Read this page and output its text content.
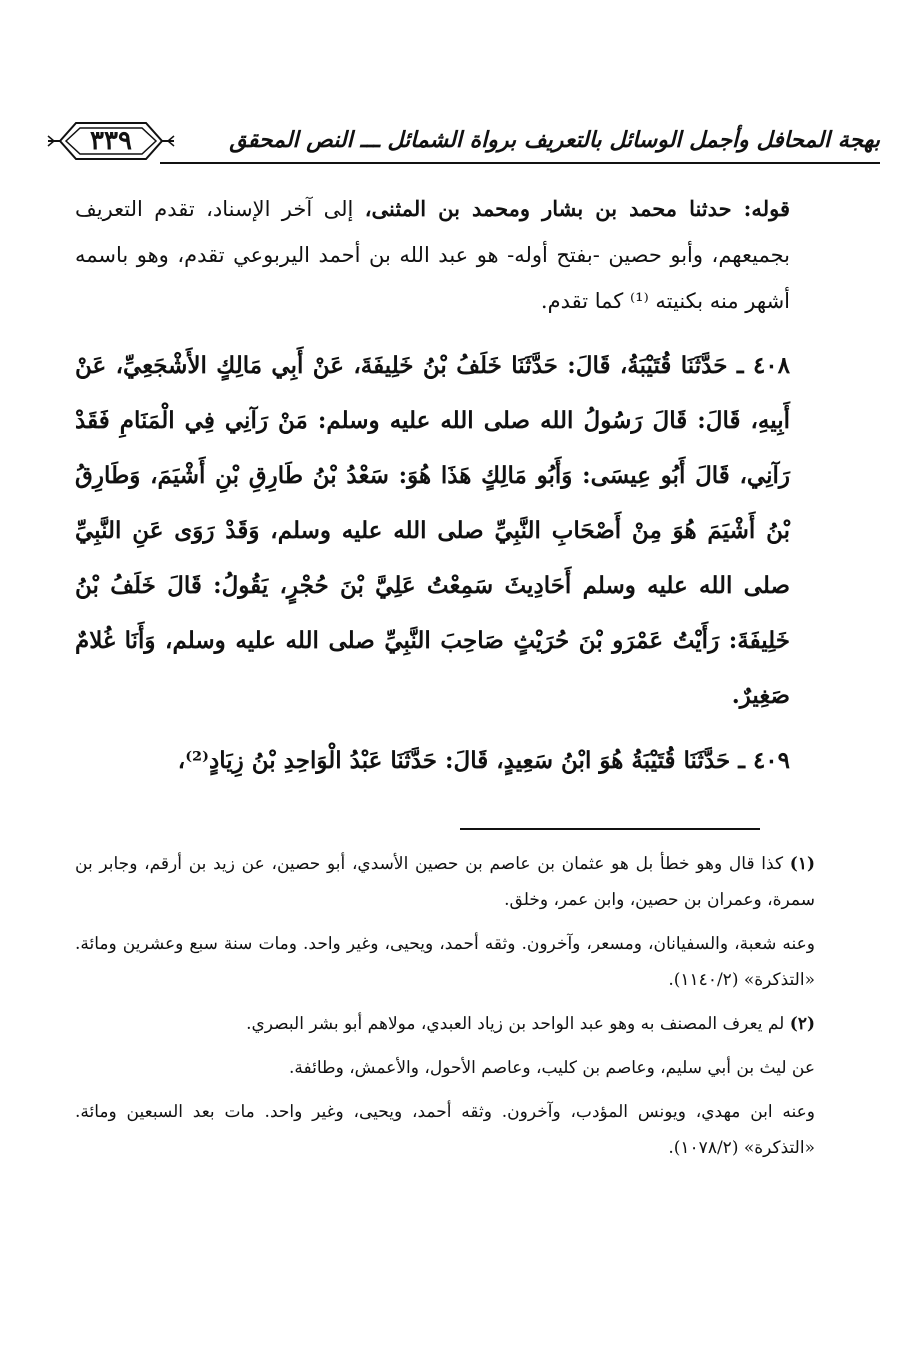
بهجة المحافل وأجمل الوسائل بالتعريف برواة الشمائل ـــ النص المحقق
٣٣٩

قوله: حدثنا محمد بن بشار ومحمد بن المثنى، إلى آخر الإسناد، تقدم التعريف بجميعهم، وأبو حصين -بفتح أوله- هو عبد الله بن أحمد اليربوعي تقدم، وهو باسمه أشهر منه بكنيته ⁽¹⁾ كما تقدم.

٤٠٨ ـ حَدَّثَنَا قُتَيْبَةُ، قَالَ: حَدَّثَنَا خَلَفُ بْنُ خَلِيفَةَ، عَنْ أَبِي مَالِكٍ الأَشْجَعِيِّ، عَنْ أَبِيهِ، قَالَ: قَالَ رَسُولُ الله صلى الله عليه وسلم: مَنْ رَآنِي فِي الْمَنَامِ فَقَدْ رَآنِي، قَالَ أَبُو عِيسَى: وَأَبُو مَالِكٍ هَذَا هُوَ: سَعْدُ بْنُ طَارِقِ بْنِ أَشْيَمَ، وَطَارِقُ بْنُ أَشْيَمَ هُوَ مِنْ أَصْحَابِ النَّبِيِّ صلى الله عليه وسلم، وَقَدْ رَوَى عَنِ النَّبِيِّ صلى الله عليه وسلم أَحَادِيثَ سَمِعْتُ عَلِيَّ بْنَ حُجْرٍ، يَقُولُ: قَالَ خَلَفُ بْنُ خَلِيفَةَ: رَأَيْتُ عَمْرَو بْنَ حُرَيْثٍ صَاحِبَ النَّبِيِّ صلى الله عليه وسلم، وَأَنَا غُلامٌ صَغِيرٌ.

٤٠٩ ـ حَدَّثَنَا قُتَيْبَةُ هُوَ ابْنُ سَعِيدٍ، قَالَ: حَدَّثَنَا عَبْدُ الْوَاحِدِ بْنُ زِيَادٍ⁽²⁾،

(١) كذا قال وهو خطأ بل هو عثمان بن عاصم بن حصين الأسدي، أبو حصين، عن زيد بن أرقم، وجابر بن سمرة، وعمران بن حصين، وابن عمر، وخلق.

وعنه شعبة، والسفيانان، ومسعر، وآخرون. وثقه أحمد، ويحيى، وغير واحد. ومات سنة سبع وعشرين ومائة. «التذكرة» (١١٤٠/٢).

(٢) لم يعرف المصنف به وهو عبد الواحد بن زياد العبدي، مولاهم أبو بشر البصري.

عن ليث بن أبي سليم، وعاصم بن كليب، وعاصم الأحول، والأعمش، وطائفة.

وعنه ابن مهدي، ويونس المؤدب، وآخرون. وثقه أحمد، ويحيى، وغير واحد. مات بعد السبعين ومائة. «التذكرة» (١٠٧٨/٢).
